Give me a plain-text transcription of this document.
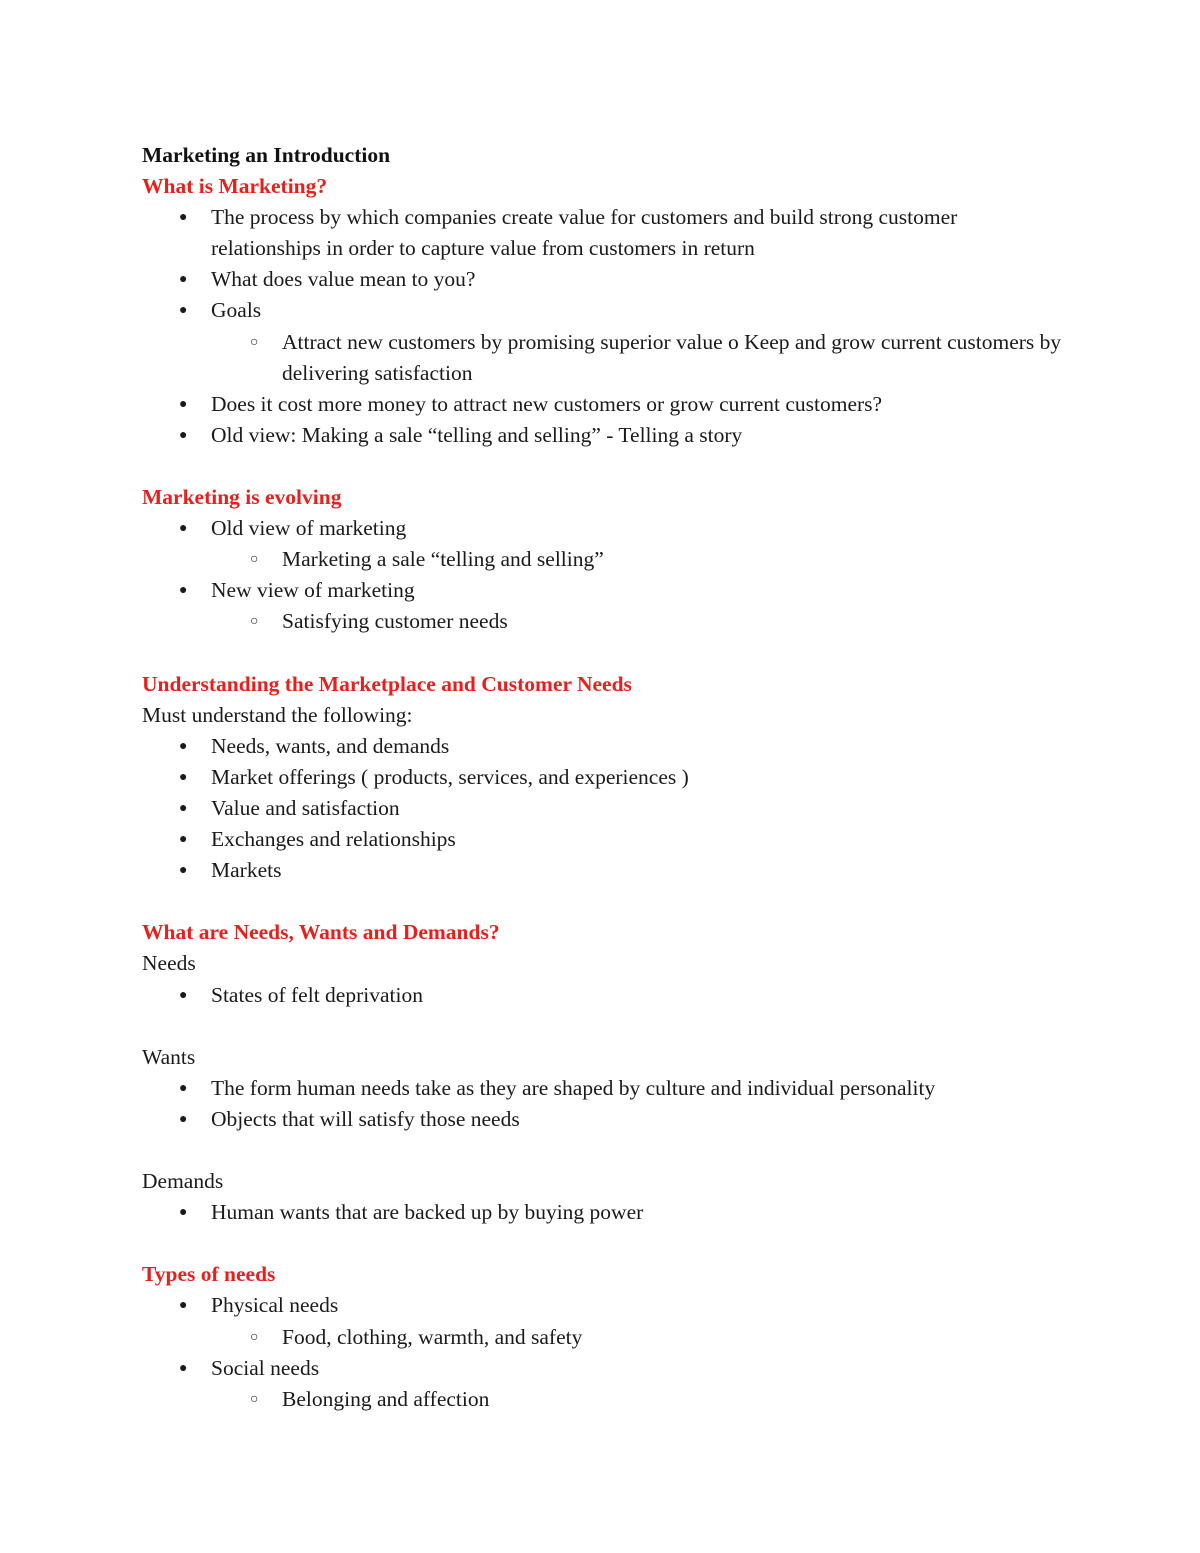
Marketing an Introduction
What is Marketing?
● The process by which companies create value for customers and build strong customer relationships in order to capture value from customers in return
● What does value mean to you?
● Goals
○ Attract new customers by promising superior value o Keep and grow current customers by delivering satisfaction
● Does it cost more money to attract new customers or grow current customers?
● Old view: Making a sale “telling and selling” - Telling a story
Marketing is evolving
● Old view of marketing
○ Marketing a sale “telling and selling”
● New view of marketing
○ Satisfying customer needs
Understanding the Marketplace and Customer Needs
Must understand the following:
● Needs, wants, and demands
● Market offerings ( products, services, and experiences )
● Value and satisfaction
● Exchanges and relationships
● Markets
What are Needs, Wants and Demands?
Needs
● States of felt deprivation
Wants
● The form human needs take as they are shaped by culture and individual personality
● Objects that will satisfy those needs
Demands
● Human wants that are backed up by buying power
Types of needs
● Physical needs
○ Food, clothing, warmth, and safety
● Social needs
○ Belonging and affection
